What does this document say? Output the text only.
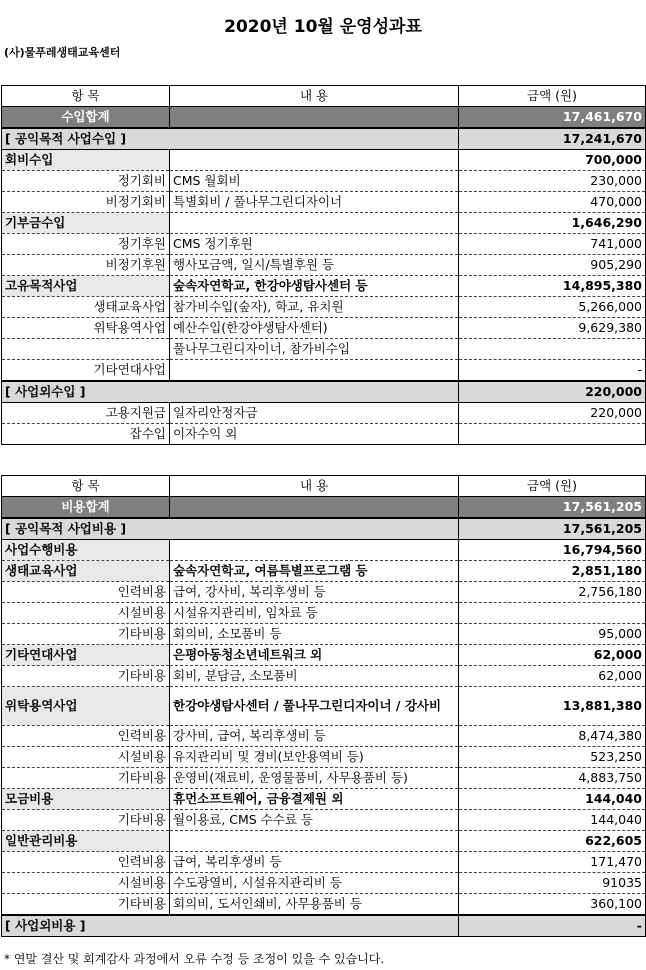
2020년 10월 운영성과표
(사)물푸레생태교육센터
항 목	내 용	금액 (원)
수입합계		17,461,670
[ 공익목적 사업수입 ]		17,241,670
회비수입		700,000
정기회비	CMS 월회비	230,000
비정기회비	특별회비 / 풀나무그린디자이너	470,000
기부금수입		1,646,290
정기후원	CMS 정기후원	741,000
비정기후원	행사모금액, 일시/특별후원 등	905,290
고유목적사업	숲속자연학교, 한강야생탐사센터 등	14,895,380
생태교육사업	참가비수입(숲자), 학교, 유치원	5,266,000
위탁용역사업	예산수입(한강야생탐사센터)	9,629,380
	풀나무그린디자이너, 참가비수입	
기타연대사업		-
[ 사업외수입 ]		220,000
고용지원금	일자리안정자금	220,000
잡수입	이자수익 외	
항 목	내 용	금액 (원)
비용합계		17,561,205
[ 공익목적 사업비용 ]		17,561,205
사업수행비용		16,794,560
생태교육사업	숲속자연학교, 여름특별프로그램 등	2,851,180
인력비용	급여, 강사비, 복리후생비 등	2,756,180
시설비용	시설유지관리비, 임차료 등	
기타비용	회의비, 소모품비 등	95,000
기타연대사업	은평아동청소년네트워크 외	62,000
기타비용	회비, 분담금, 소모품비	62,000
위탁용역사업	한강야생탐사센터 / 풀나무그린디자이너 / 강사비	13,881,380
인력비용	강사비, 급여, 복리후생비 등	8,474,380
시설비용	유지관리비 및 경비(보안용역비 등)	523,250
기타비용	운영비(재료비, 운영물품비, 사무용품비 등)	4,883,750
모금비용	휴먼소프트웨어, 금융결제원 외	144,040
기타비용	월이용료, CMS 수수료 등	144,040
일반관리비용		622,605
인력비용	급여, 복리후생비 등	171,470
시설비용	수도광열비, 시설유지관리비 등	91035
기타비용	회의비, 도서인쇄비, 사무용품비 등	360,100
[ 사업외비용 ]		-
* 연말 결산 및 회계감사 과정에서 오류 수정 등 조정이 있을 수 있습니다.
